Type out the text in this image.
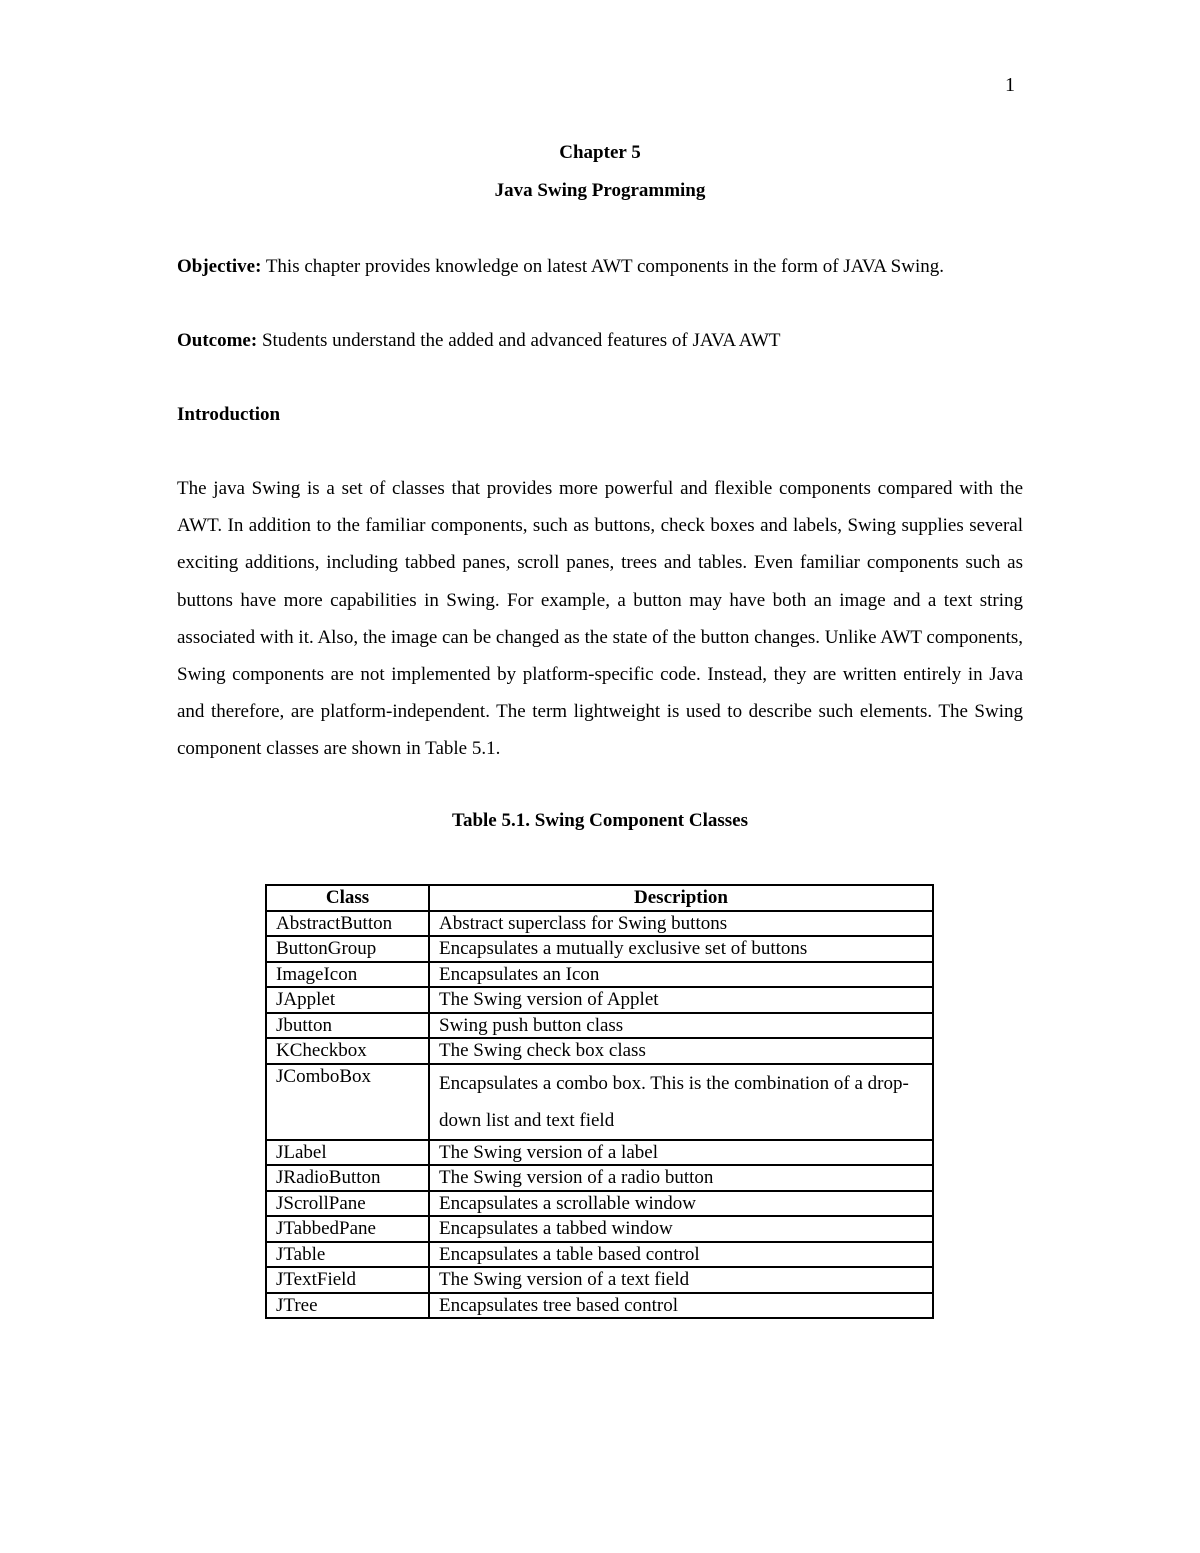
1
Chapter 5
Java Swing Programming
Objective: This chapter provides knowledge on latest AWT components in the form of JAVA Swing.
Outcome: Students understand the added and advanced features of JAVA AWT
Introduction
The java Swing is a set of classes that provides more powerful and flexible components compared with the AWT. In addition to the familiar components, such as buttons, check boxes and labels, Swing supplies several exciting additions, including tabbed panes, scroll panes, trees and tables. Even familiar components such as buttons have more capabilities in Swing. For example, a button may have both an image and a text string associated with it. Also, the image can be changed as the state of the button changes. Unlike AWT components, Swing components are not implemented by platform-specific code. Instead, they are written entirely in Java and therefore, are platform-independent. The term lightweight is used to describe such elements. The Swing component classes are shown in Table 5.1.
Table 5.1. Swing Component Classes
Class	Description
AbstractButton	Abstract superclass for Swing buttons
ButtonGroup	Encapsulates a mutually exclusive set of buttons
ImageIcon	Encapsulates an Icon
JApplet	The Swing version of Applet
Jbutton	Swing push button class
KCheckbox	The Swing check box class
JComboBox	Encapsulates a combo box. This is the combination of a drop-down list and text field
JLabel	The Swing version of a label
JRadioButton	The Swing version of a radio button
JScrollPane	Encapsulates a scrollable window
JTabbedPane	Encapsulates a tabbed window
JTable	Encapsulates a table based control
JTextField	The Swing version of a text field
JTree	Encapsulates tree based control
